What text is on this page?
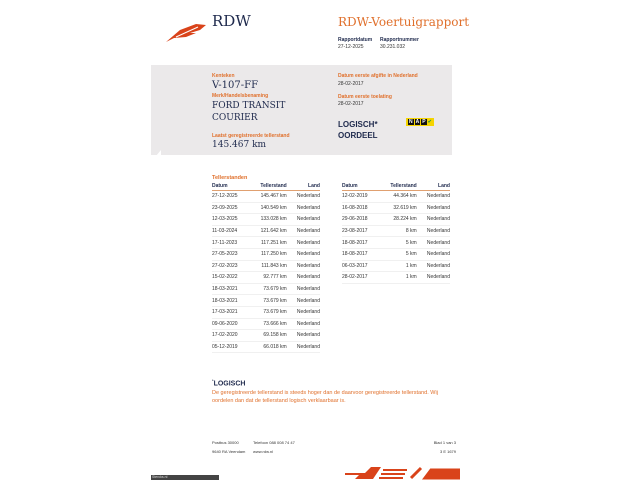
RDW	RDW-Voertuigrapport
Rapportdatum
27-12-2025
Rapportnummer
30.231.032
Kenteken
V-107-FF
Merk/Handelsbenaming
FORD TRANSIT
COURIER
Laatst geregistreerde tellerstand
145.467 km
Datum eerste afgifte in Nederland
28-02-2017
Datum eerste toelating
28-02-2017
LOGISCH*
OORDEEL
N A P ✔
Tellerstanden
Datum	Tellerstand	Land
27-12-2025	145.467 km	Nederland
23-09-2025	140.549 km	Nederland
12-03-2025	133.028 km	Nederland
11-03-2024	121.642 km	Nederland
17-11-2023	117.251 km	Nederland
27-05-2023	117.250 km	Nederland
27-02-2023	111.843 km	Nederland
15-02-2022	92.777 km	Nederland
18-03-2021	73.679 km	Nederland
18-03-2021	73.679 km	Nederland
17-03-2021	73.679 km	Nederland
09-06-2020	73.666 km	Nederland
17-02-2020	69.158 km	Nederland
05-12-2019	66.018 km	Nederland
Datum	Tellerstand	Land
12-02-2019	44.364 km	Nederland
16-08-2018	32.619 km	Nederland
29-06-2018	28.224 km	Nederland
23-08-2017	8 km	Nederland
18-08-2017	5 km	Nederland
18-08-2017	5 km	Nederland
06-03-2017	1 km	Nederland
28-02-2017	1 km	Nederland
*LOGISCH
De geregistreerde tellerstand is steeds hoger dan de daarvoor geregistreerde tellerstand. Wij oordelen dan dat de tellerstand logisch verklaarbaar is.
Postbus 30000
9640 RA Veendam
Telefoon 088 008 74 47
www.rdw.nl
Blad 1 van 3
3 E 1679
Stercks.nl
